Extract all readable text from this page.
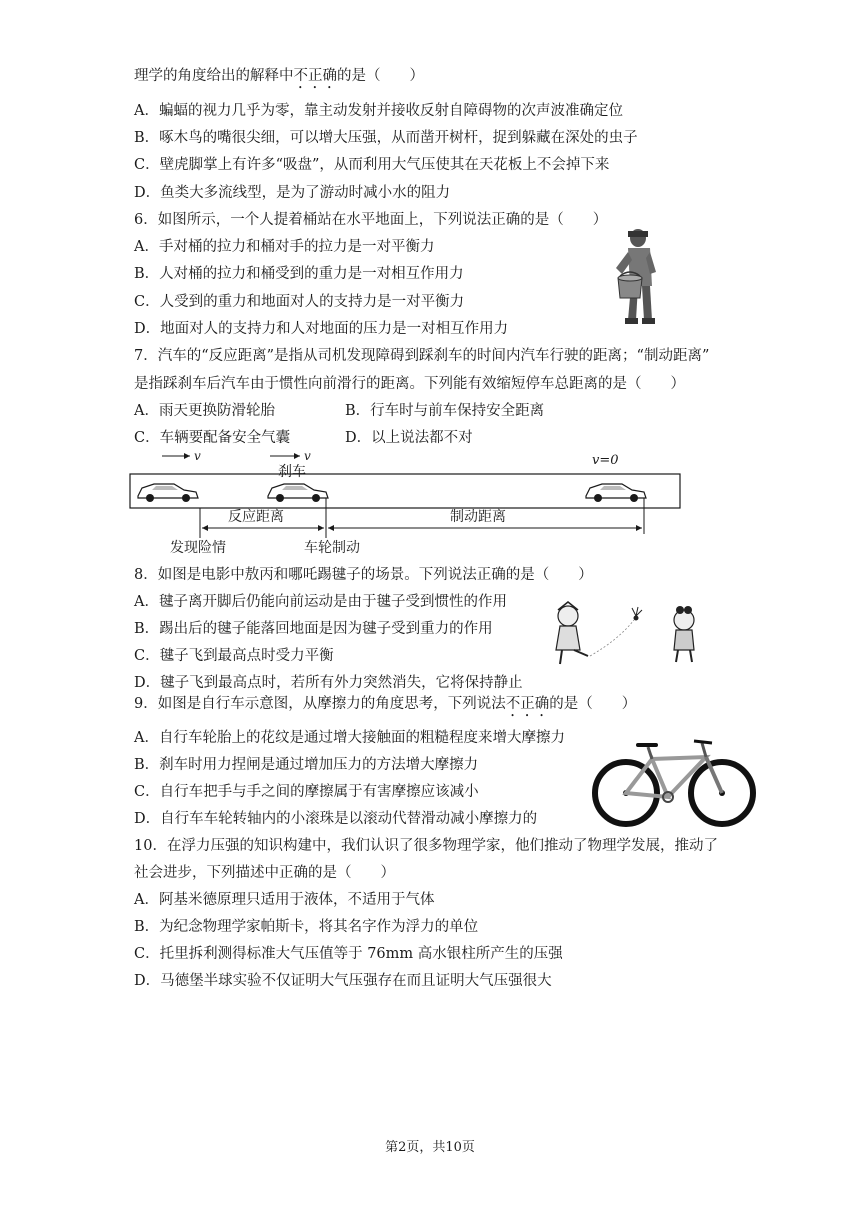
理学的角度给出的解释中不正确的是（　　）
A．蝙蝠的视力几乎为零，靠主动发射并接收反射自障碍物的次声波准确定位
B．啄木鸟的嘴很尖细，可以增大压强，从而凿开树杆，捉到躲藏在深处的虫子
C．壁虎脚掌上有许多“吸盘”，从而利用大气压使其在天花板上不会掉下来
D．鱼类大多流线型，是为了游动时减小水的阻力
6．如图所示，一个人提着桶站在水平地面上，下列说法正确的是（　　）
A．手对桶的拉力和桶对手的拉力是一对平衡力
B．人对桶的拉力和桶受到的重力是一对相互作用力
C．人受到的重力和地面对人的支持力是一对平衡力
D．地面对人的支持力和人对地面的压力是一对相互作用力
7．汽车的“反应距离”是指从司机发现障碍到踩刹车的时间内汽车行驶的距离；“制动距离”
是指踩刹车后汽车由于惯性向前滑行的距离。下列能有效缩短停车总距离的是（　　）
A．雨天更换防滑轮胎	B．行车时与前车保持安全距离
C．车辆要配备安全气囊	D．以上说法都不对
v	v
刹车
v=0
反应距离	制动距离
发现险情	车轮制动
8．如图是电影中敖丙和哪吒踢毽子的场景。下列说法正确的是（　　）
A．毽子离开脚后仍能向前运动是由于毽子受到惯性的作用
B．踢出后的毽子能落回地面是因为毽子受到重力的作用
C．毽子飞到最高点时受力平衡
D．毽子飞到最高点时，若所有外力突然消失，它将保持静止
9．如图是自行车示意图，从摩擦力的角度思考，下列说法不正确的是（　　）
A．自行车轮胎上的花纹是通过增大接触面的粗糙程度来增大摩擦力
B．刹车时用力捏闸是通过增加压力的方法增大摩擦力
C．自行车把手与手之间的摩擦属于有害摩擦应该减小
D．自行车车轮转轴内的小滚珠是以滚动代替滑动减小摩擦力的
10．在浮力压强的知识构建中，我们认识了很多物理学家，他们推动了物理学发展，推动了
社会进步，下列描述中正确的是（　　）
A．阿基米德原理只适用于液体，不适用于气体
B．为纪念物理学家帕斯卡，将其名字作为浮力的单位
C．托里拆利测得标准大气压值等于 76mm 高水银柱所产生的压强
D．马德堡半球实验不仅证明大气压强存在而且证明大气压强很大
第2页，共10页
